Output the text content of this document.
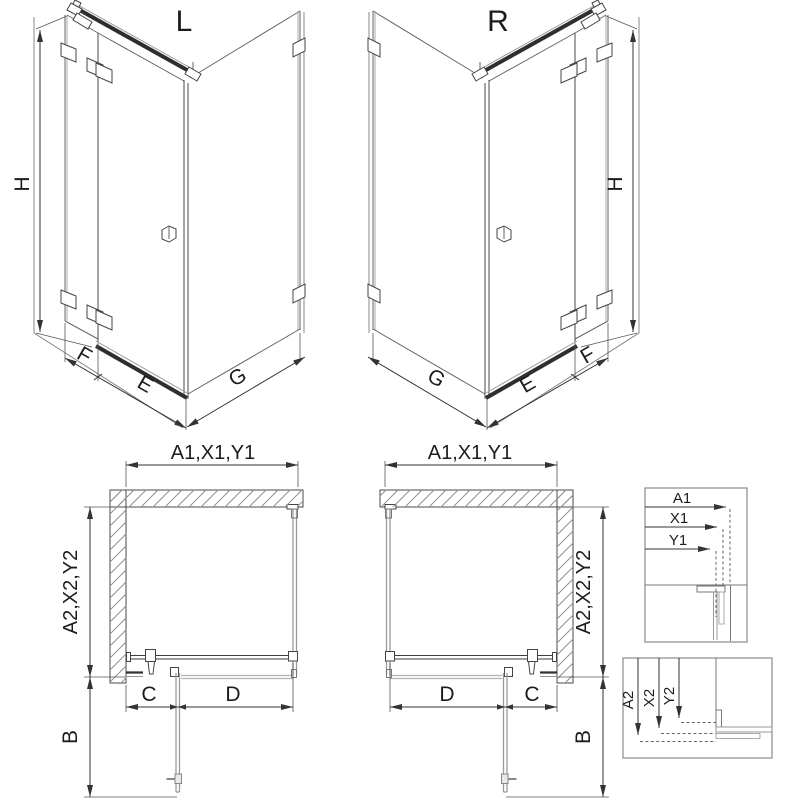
L
H
F
E	G
R
H
G	E
F
A1,X1,Y1
A2,X2,Y2
B
C	D
A1,X1,Y1
A2,X2,Y2
B
D	C
A1
X1
Y1
A2 X2 Y2
